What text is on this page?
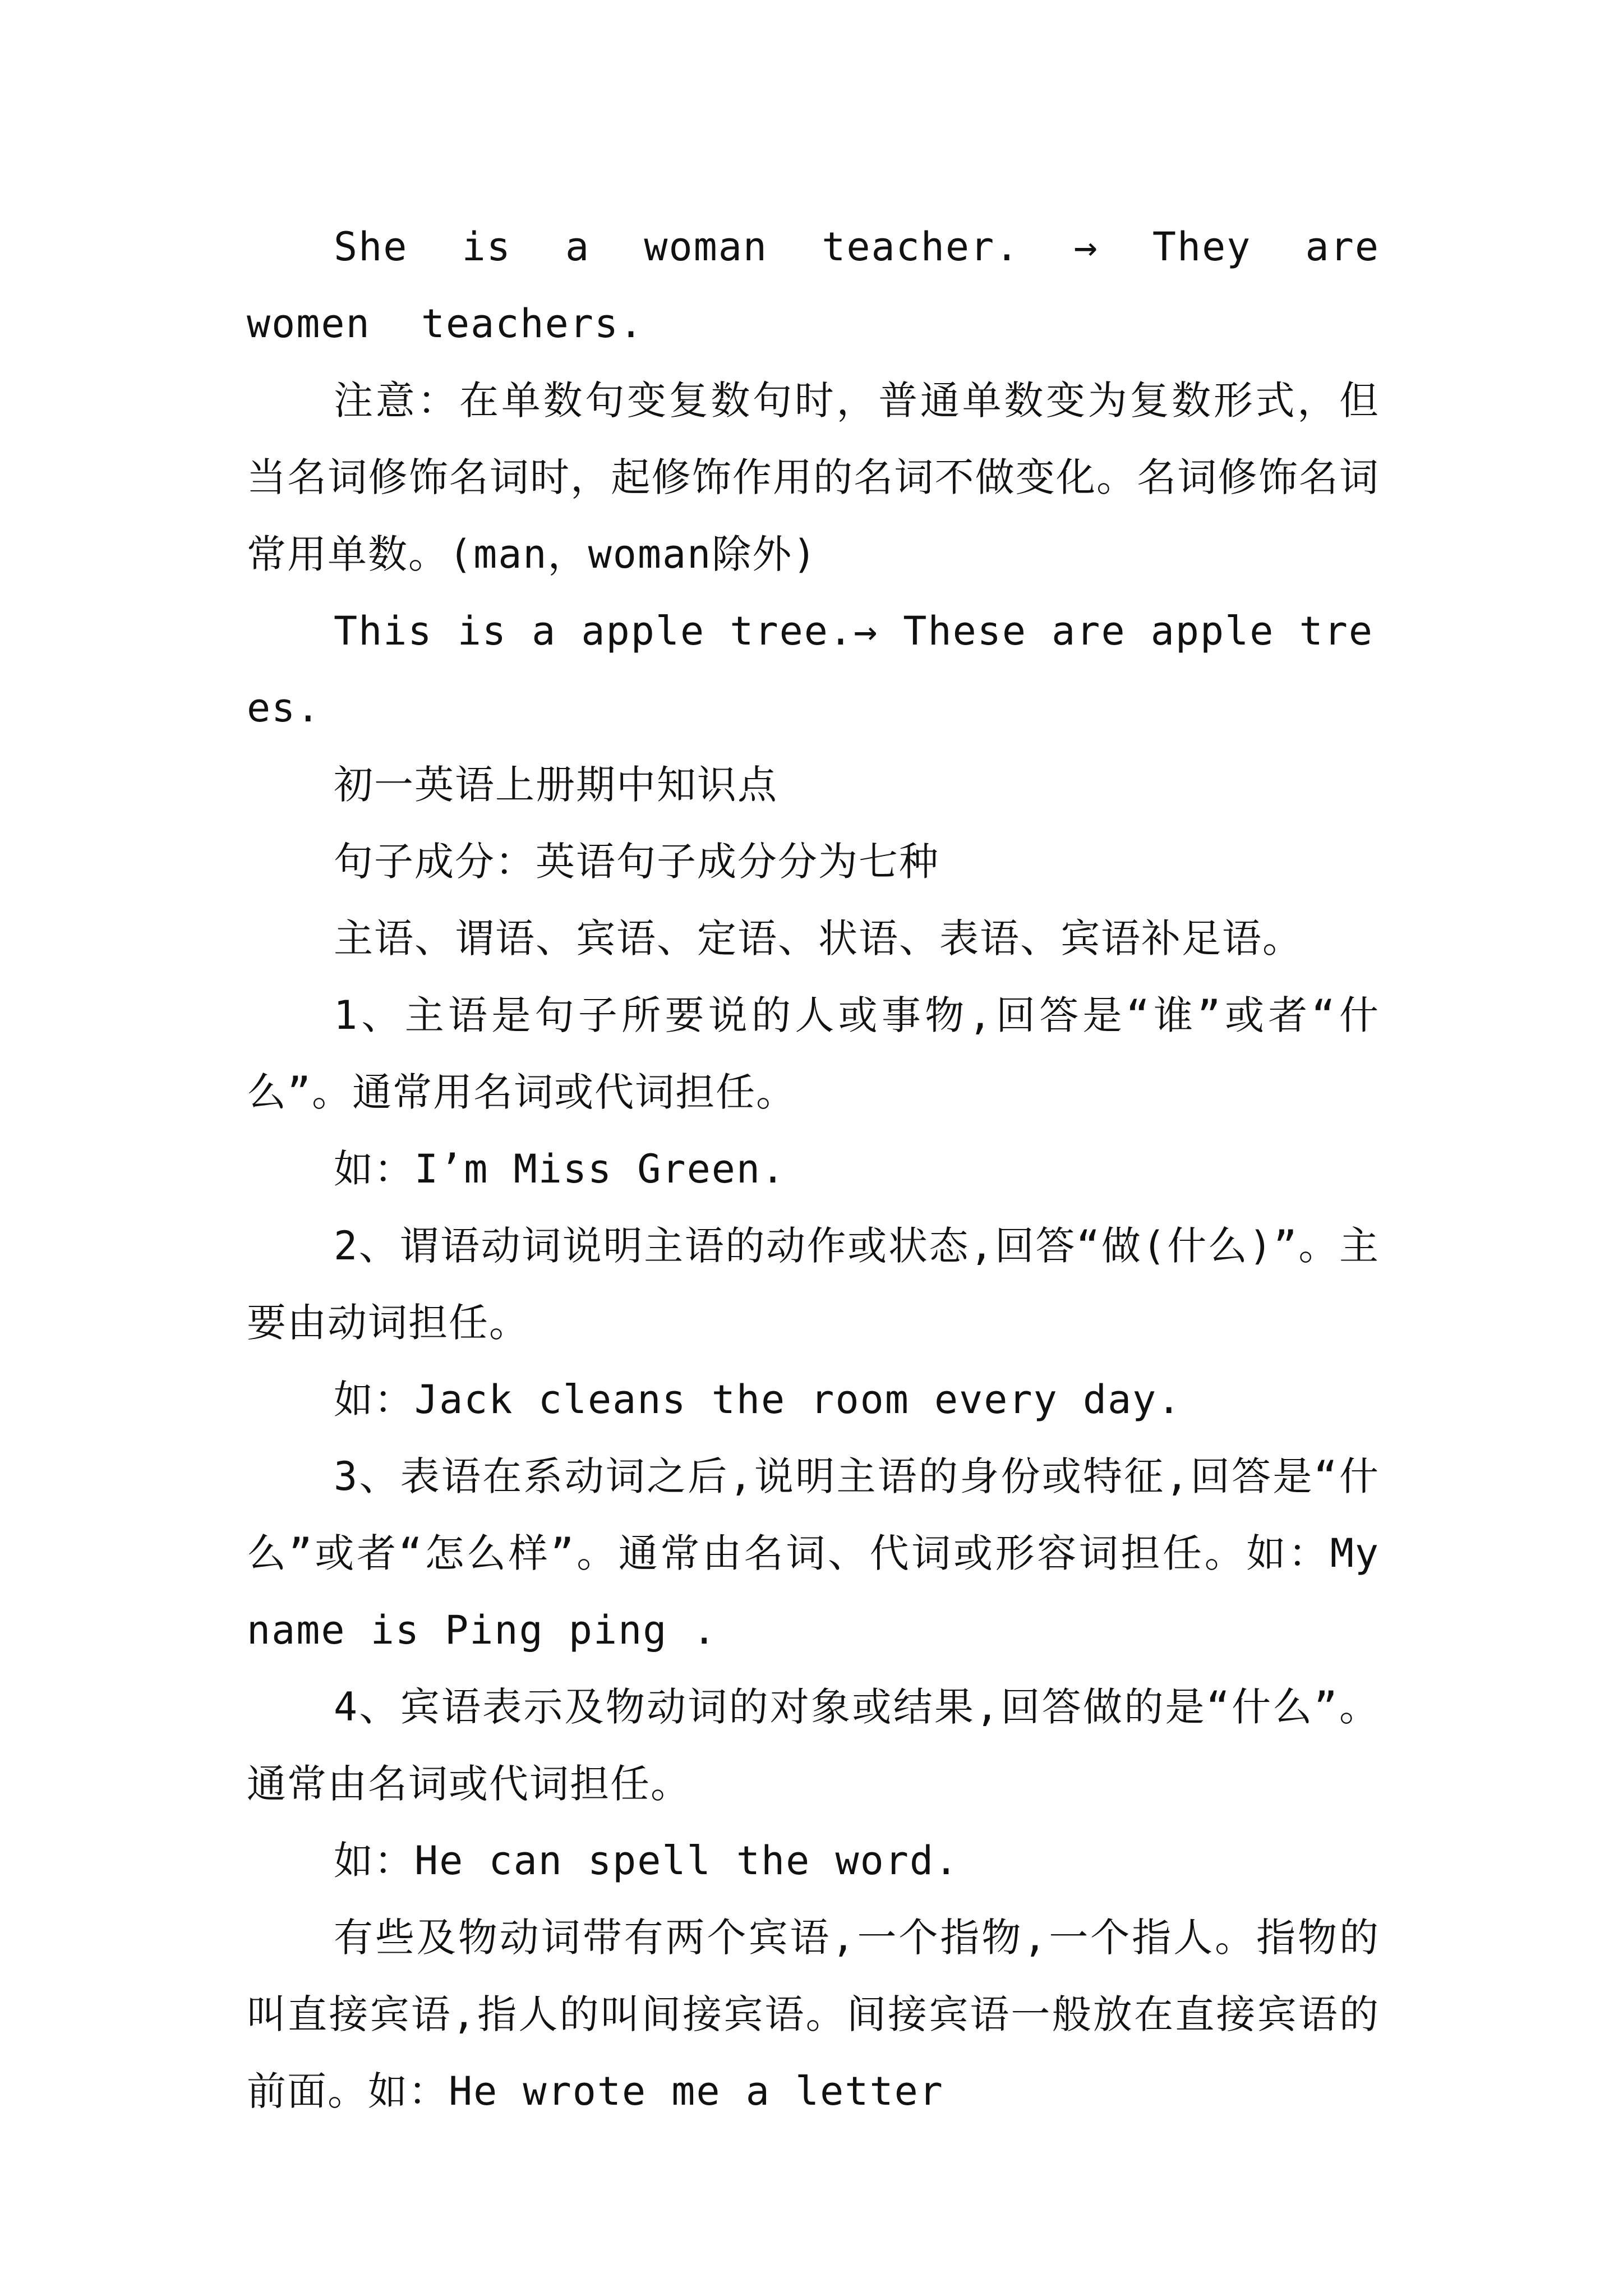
She is a woman teacher. → They are women teachers.

注意：在单数句变复数句时，普通单数变为复数形式，但当名词修饰名词时，起修饰作用的名词不做变化。名词修饰名词常用单数。(man，woman除外)

This is a apple tree.→ These are apple trees.

初一英语上册期中知识点

句子成分：英语句子成分分为七种

主语、谓语、宾语、定语、状语、表语、宾语补足语。

1、主语是句子所要说的人或事物,回答是“谁”或者“什么”。通常用名词或代词担任。

如：I’m Miss Green.

2、谓语动词说明主语的动作或状态,回答“做(什么)”。主要由动词担任。

如：Jack cleans the room every day.

3、表语在系动词之后,说明主语的身份或特征,回答是“什么”或者“怎么样”。通常由名词、代词或形容词担任。如：My name is Ping ping .

4、宾语表示及物动词的对象或结果,回答做的是“什么”。通常由名词或代词担任。

如：He can spell the word.

有些及物动词带有两个宾语,一个指物,一个指人。指物的叫直接宾语,指人的叫间接宾语。间接宾语一般放在直接宾语的前面。如：He wrote me a letter
